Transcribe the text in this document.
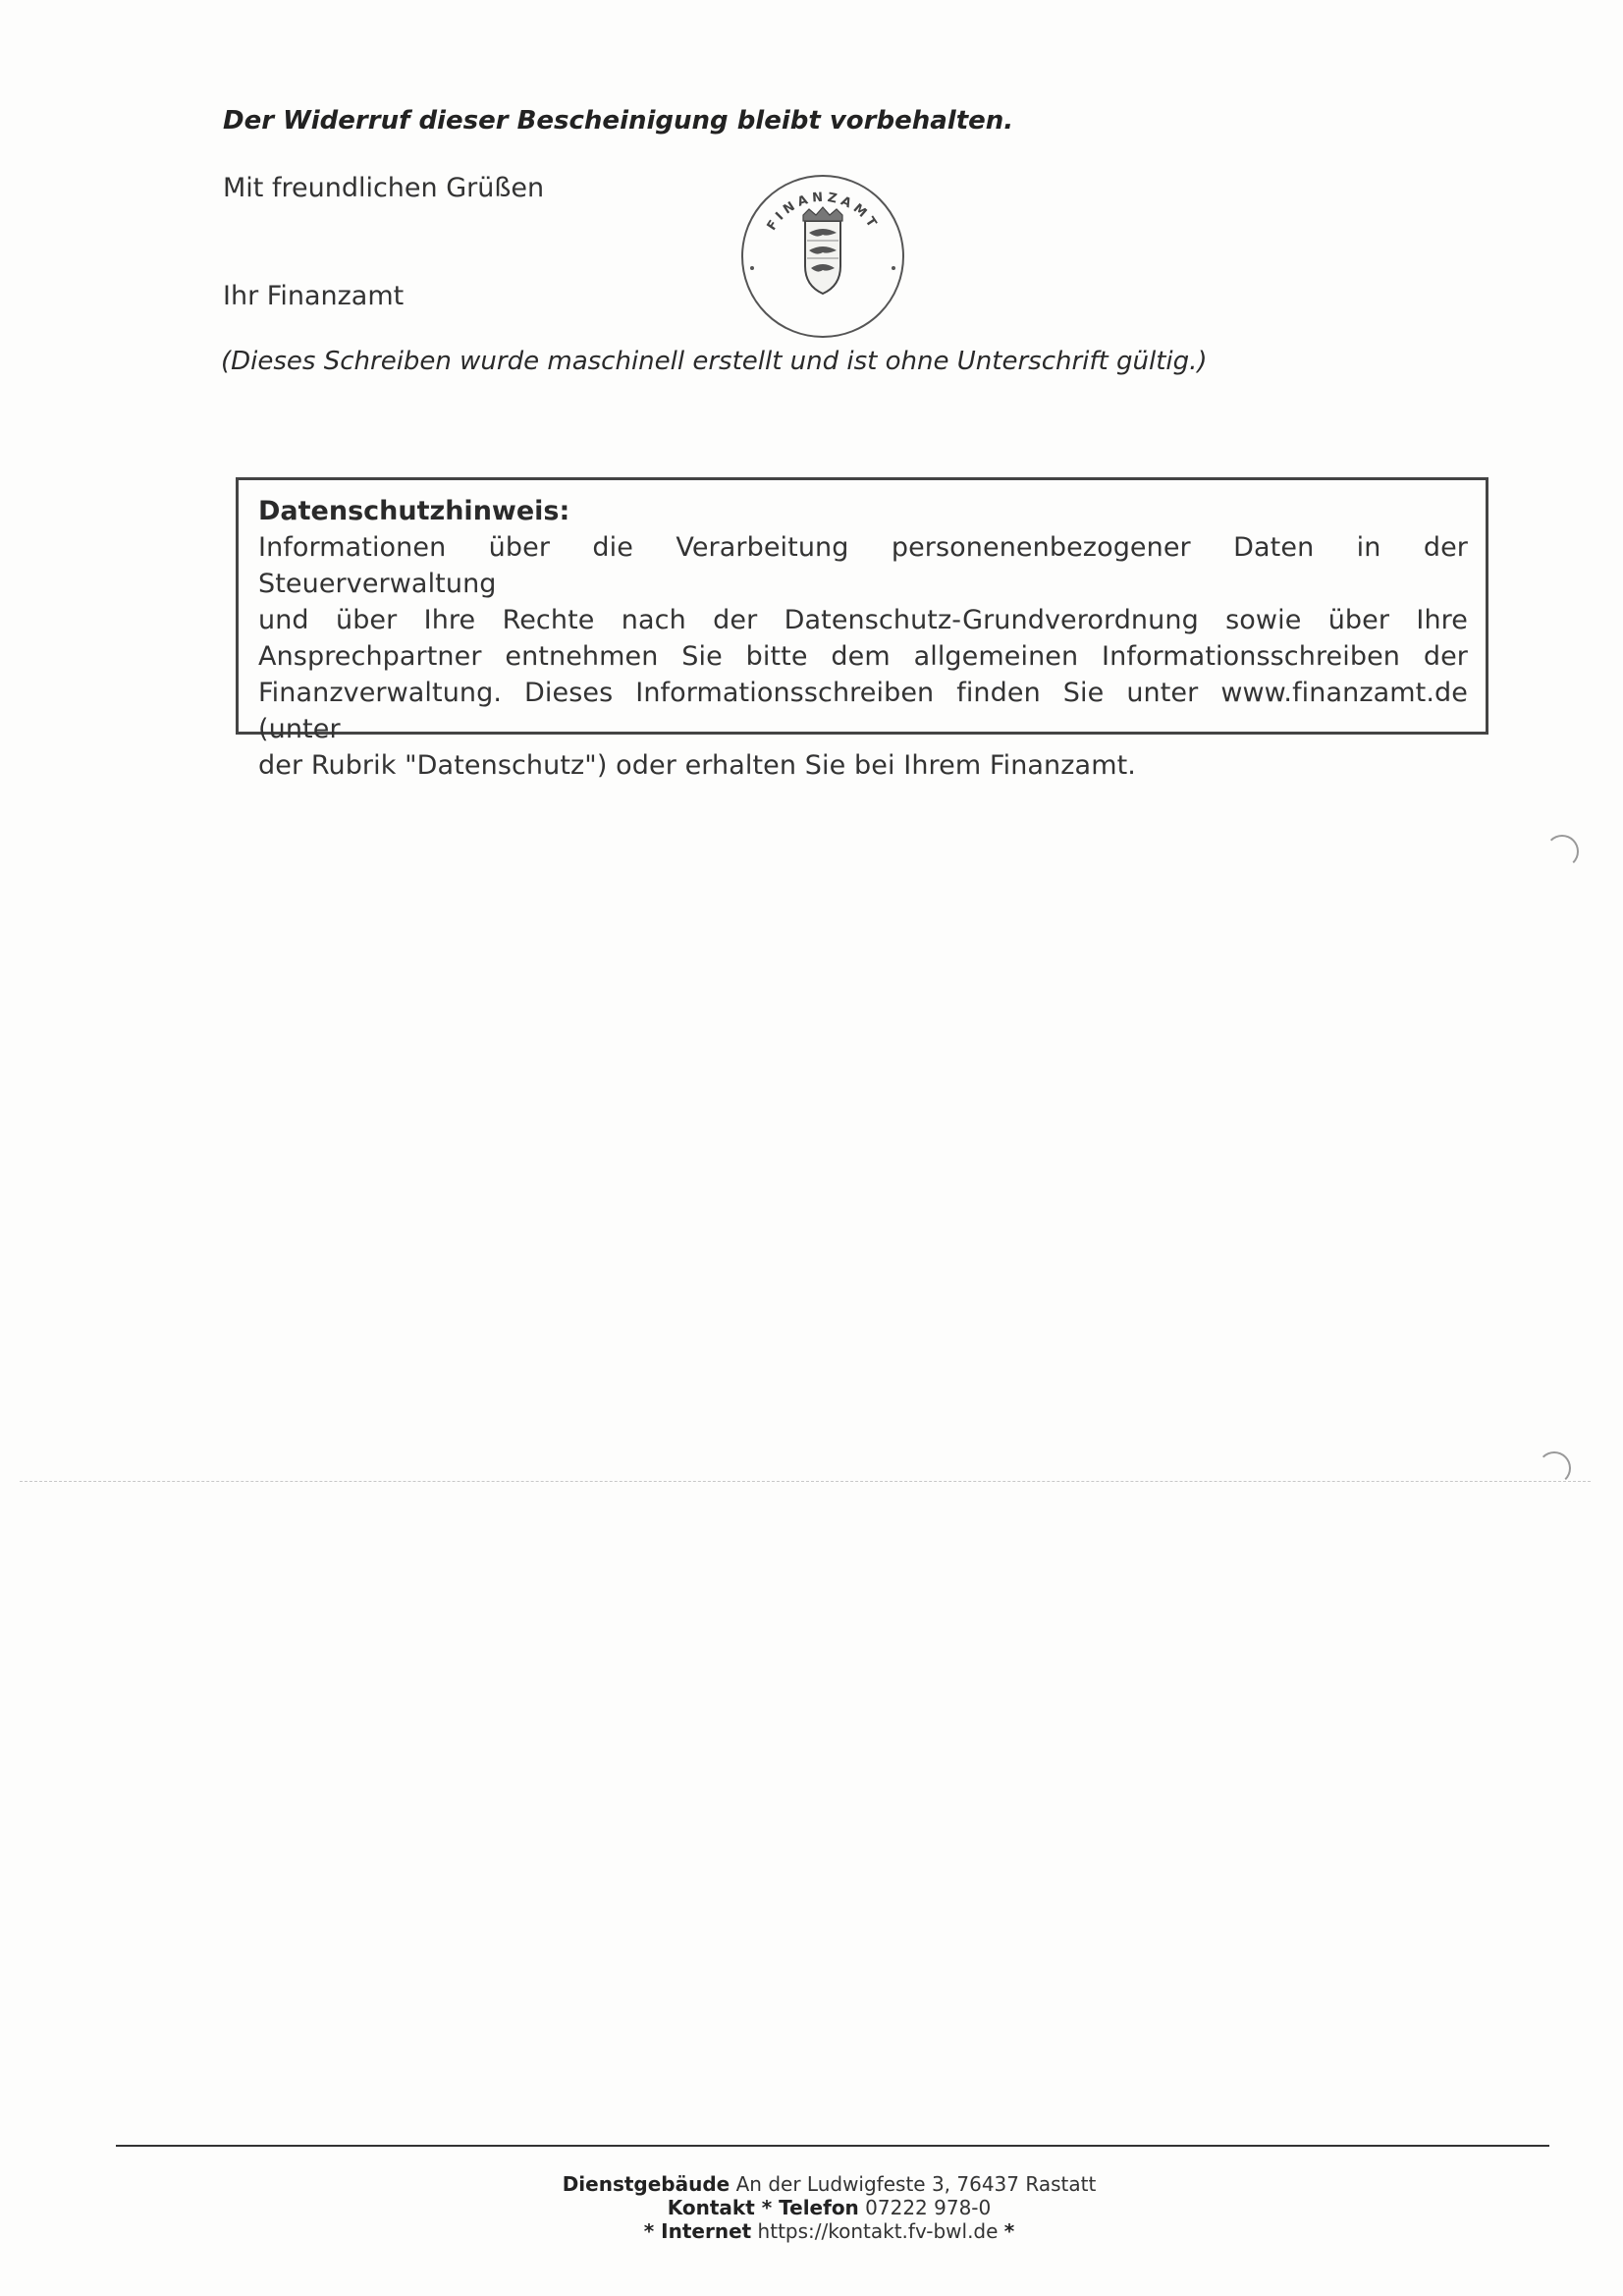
Der Widerruf dieser Bescheinigung bleibt vorbehalten.
Mit freundlichen Grüßen
Ihr Finanzamt
FINANZAMT
(Dieses Schreiben wurde maschinell erstellt und ist ohne Unterschrift gültig.)
Datenschutzhinweis:
Informationen über die Verarbeitung personenenbezogener Daten in der Steuerverwaltung
und über Ihre Rechte nach der Datenschutz-Grundverordnung sowie über Ihre
Ansprechpartner entnehmen Sie bitte dem allgemeinen Informationsschreiben der
Finanzverwaltung. Dieses Informationsschreiben finden Sie unter www.finanzamt.de (unter
der Rubrik "Datenschutz") oder erhalten Sie bei Ihrem Finanzamt.
Dienstgebäude An der Ludwigfeste 3, 76437 Rastatt
Kontakt * Telefon 07222 978-0
* Internet https://kontakt.fv-bwl.de *
